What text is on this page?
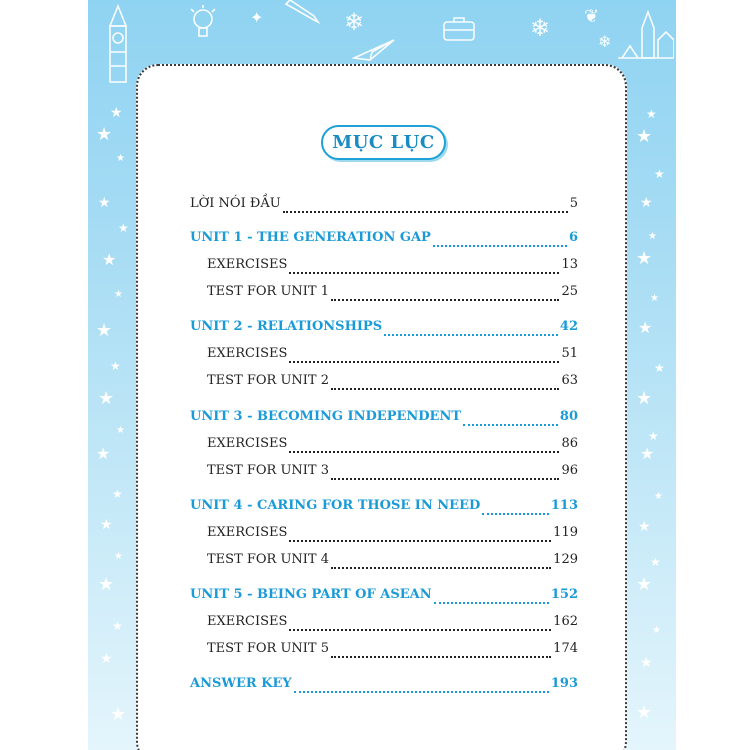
✦	❄	❄ ❦
❄
★
★
★
★
★
★
★
★
★
★
★
★
★
★
★
★
★
★
★
★
★
★
★
★
★
★
★
★
★
★
★
★
★
★
★
★
★
★
MỤC LỤC
LỜI NÓI ĐẦU	5
UNIT 1 - THE GENERATION GAP	6
EXERCISES	13
TEST FOR UNIT 1	25
UNIT 2 - RELATIONSHIPS	42
EXERCISES	51
TEST FOR UNIT 2	63
UNIT 3 - BECOMING INDEPENDENT	80
EXERCISES	86
TEST FOR UNIT 3	96
UNIT 4 - CARING FOR THOSE IN NEED	113
EXERCISES	119
TEST FOR UNIT 4	129
UNIT 5 - BEING PART OF ASEAN	152
EXERCISES	162
TEST FOR UNIT 5	174
ANSWER KEY	193
